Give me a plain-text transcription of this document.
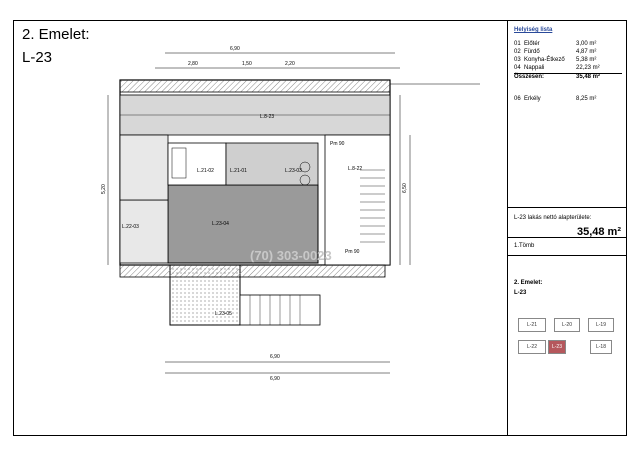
2. Emelet:
L-23	6,90
2,80	1,50	2,20
L.8-23
L.21-02	L.21-01	L.23-03
L.22-03	L.23-04
L.8-22
L.23-05
Pm 90
Pm 90
(70) 303-0023
6,90
6,90
5,20	6,50
Helyiség lista
01 Előtér	3,00 m²
02 Fürdő	4,87 m²
03 Konyha-Étkező 5,38 m²
04 Nappali	22,23 m²
Összesen:	35,48 m²
06 Erkély	8,25 m²
L-23 lakás nettó alapterülete:
35,48 m²
1.Tömb
2. Emelet:
L-23
L-21	L-20	L-19
L-22	L-23	L-18
